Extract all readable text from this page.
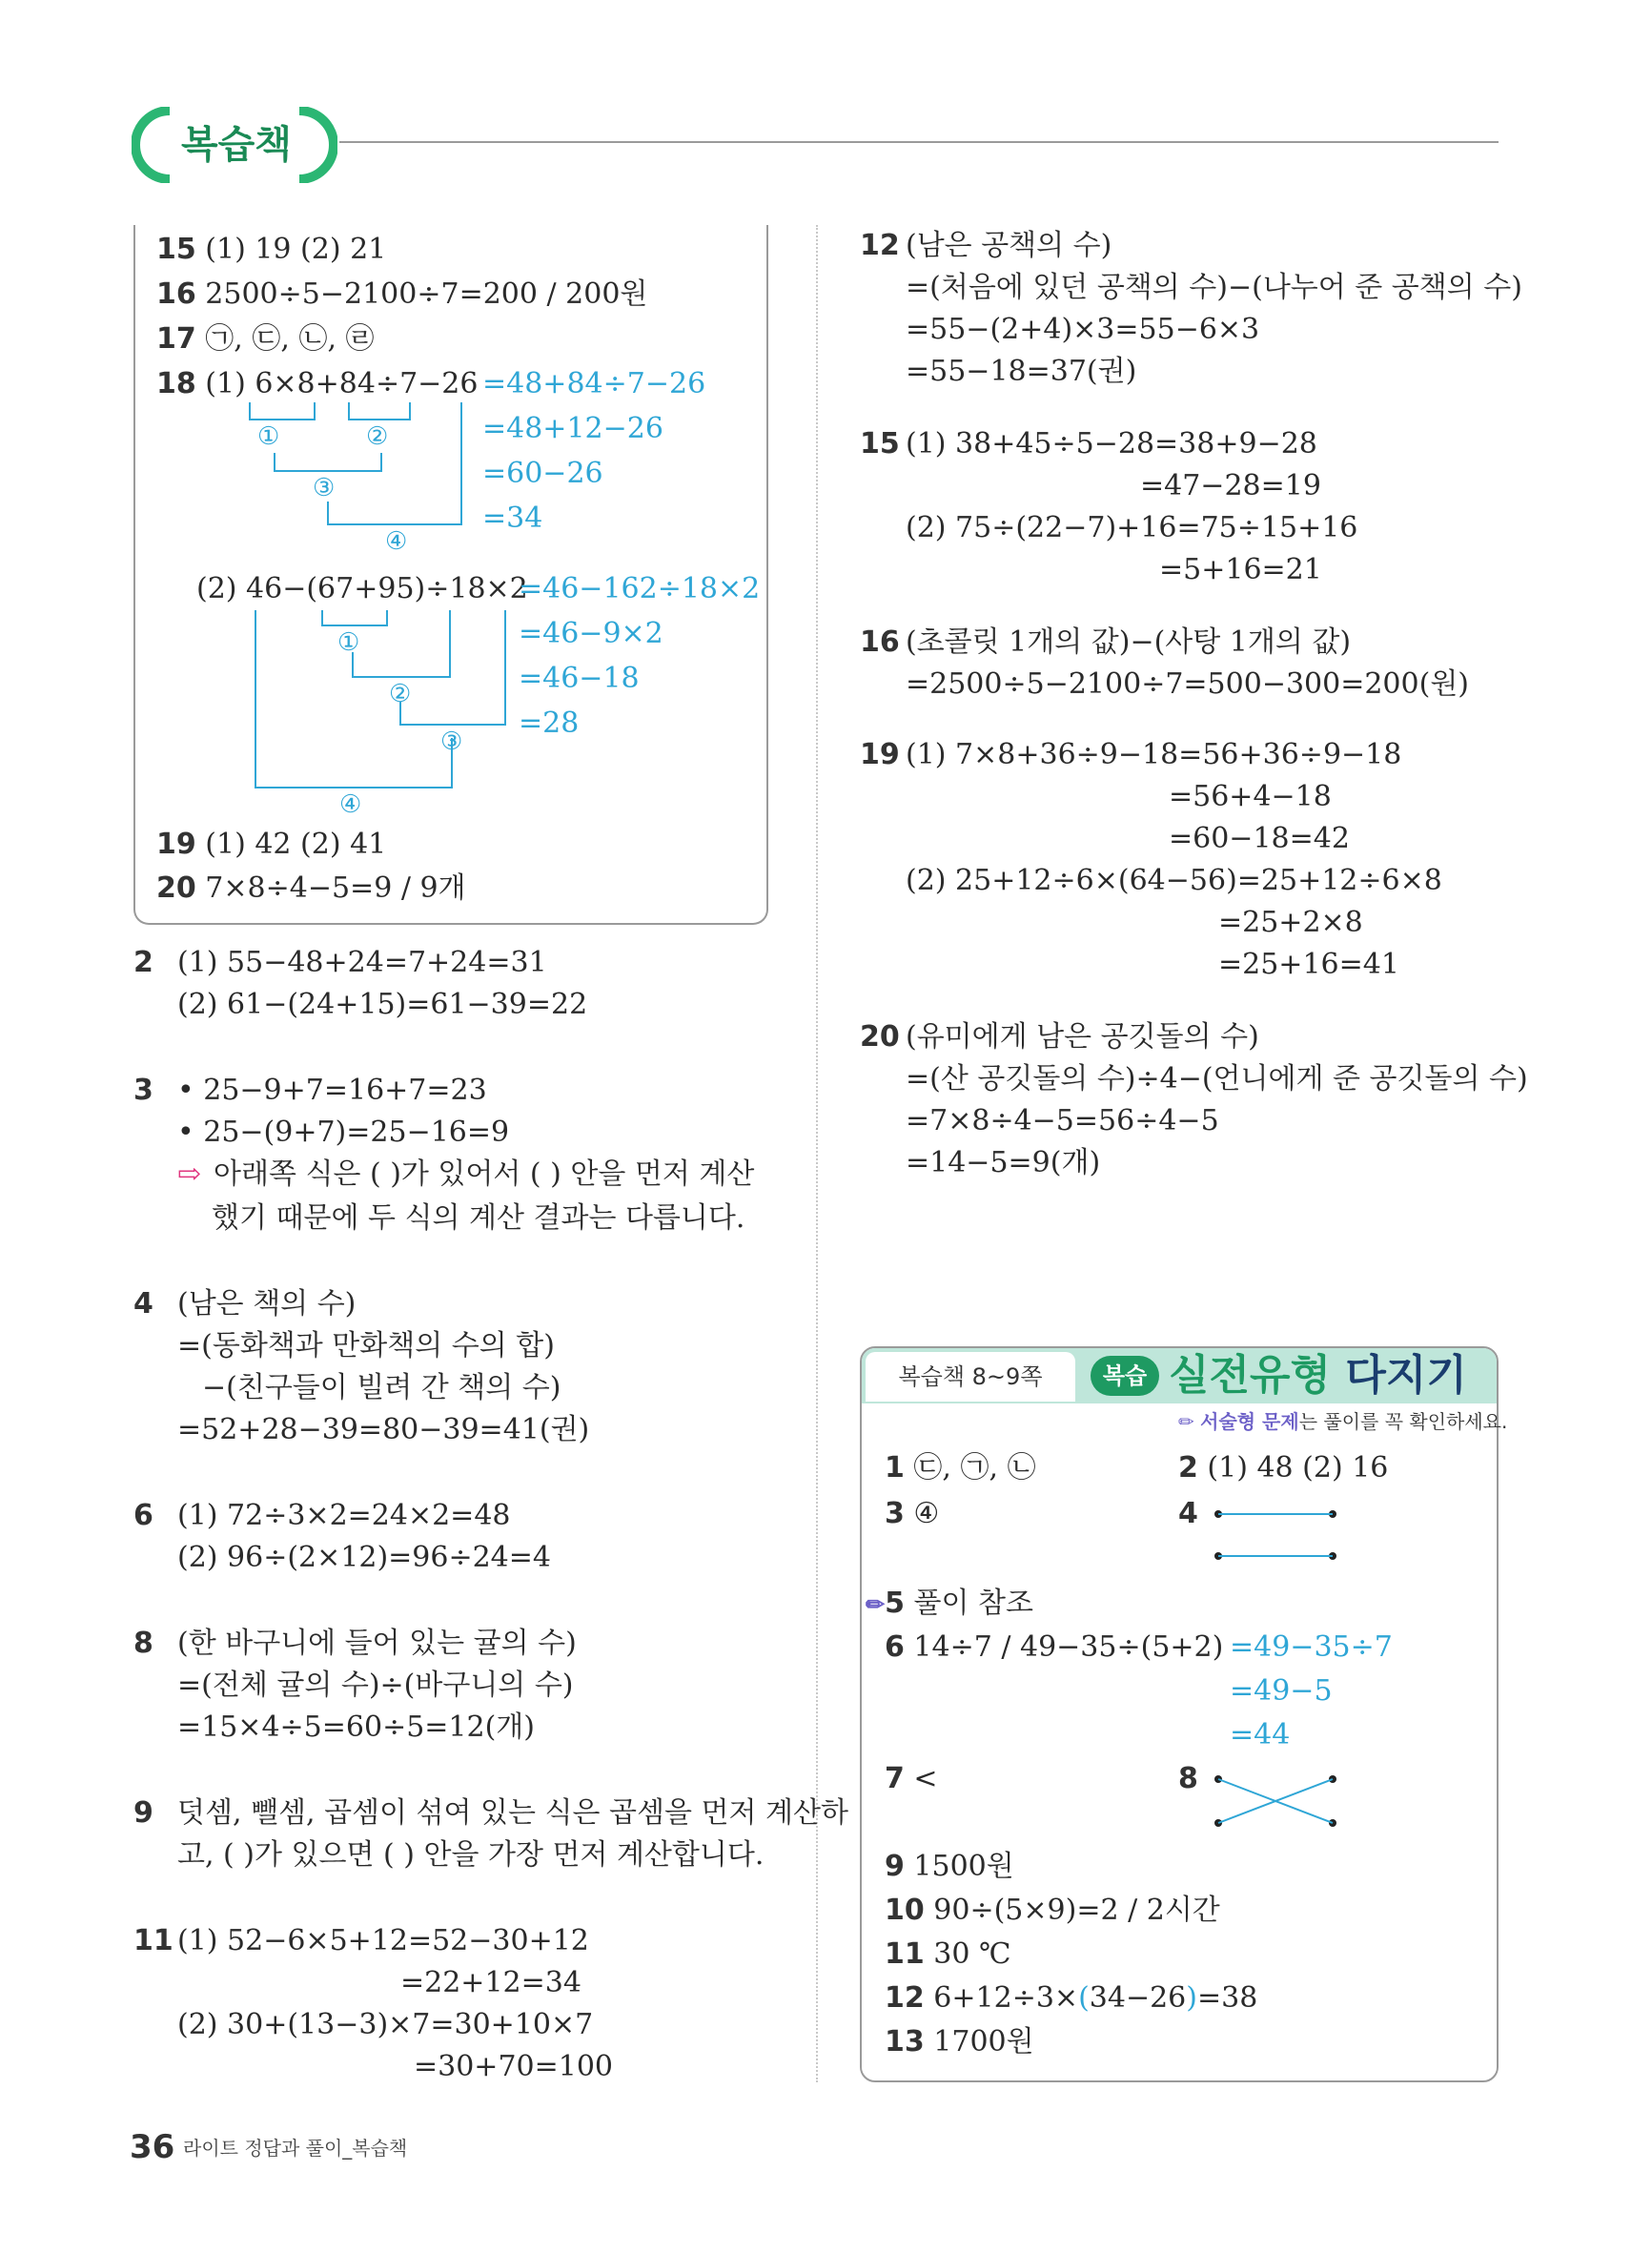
복습책
15 (1) 19 (2) 21
16 2500÷5−2100÷7=200 / 200원
17 ㉠, ㉢, ㉡, ㉣
18 (1) 6×8+84÷7−26 =48+84÷7−26
=48+12−26
=60−26
=34
①	②
③
④
(2) 46−(67+95)÷18×2
=46−162÷18×2
=46−9×2
=46−18
=28
①
②
③
④
19 (1) 42 (2) 41
20 7×8÷4−5=9 / 9개
2 (1) 55−48+24=7+24=31
(2) 61−(24+15)=61−39=22
3 • 25−9+7=16+7=23
• 25−(9+7)=25−16=9
⇨ 아래쪽 식은 ( )가 있어서 ( ) 안을 먼저 계산
했기 때문에 두 식의 계산 결과는 다릅니다.
4 (남은 책의 수)
=(동화책과 만화책의 수의 합)
−(친구들이 빌려 간 책의 수)
=52+28−39=80−39=41(권)
6 (1) 72÷3×2=24×2=48
(2) 96÷(2×12)=96÷24=4
8 (한 바구니에 들어 있는 귤의 수)
=(전체 귤의 수)÷(바구니의 수)
=15×4÷5=60÷5=12(개)
9 덧셈, 뺄셈, 곱셈이 섞여 있는 식은 곱셈을 먼저 계산하
고, ( )가 있으면 ( ) 안을 가장 먼저 계산합니다.
11 (1) 52−6×5+12=52−30+12
=22+12=34
(2) 30+(13−3)×7=30+10×7
=30+70=100
12 (남은 공책의 수)
=(처음에 있던 공책의 수)−(나누어 준 공책의 수)
=55−(2+4)×3=55−6×3
=55−18=37(권)
15 (1) 38+45÷5−28=38+9−28
=47−28=19
(2) 75÷(22−7)+16=75÷15+16
=5+16=21
16 (초콜릿 1개의 값)−(사탕 1개의 값)
=2500÷5−2100÷7=500−300=200(원)
19 (1) 7×8+36÷9−18=56+36÷9−18
=56+4−18
=60−18=42
(2) 25+12÷6×(64−56)=25+12÷6×8
=25+2×8
=25+16=41
20 (유미에게 남은 공깃돌의 수)
=(산 공깃돌의 수)÷4−(언니에게 준 공깃돌의 수)
=7×8÷4−5=56÷4−5
=14−5=9(개)
복습책 8~9쪽	복습 실전유형 다지기
✏ 서술형 문제는 풀이를 꼭 확인하세요.
1 ㉢, ㉠, ㉡	2 (1) 48 (2) 16
3 ④	4
✏5 풀이 참조
6 14÷7 / 49−35÷(5+2) =49−35÷7
=49−5
=44
7 <	8
9 1500원
10 90÷(5×9)=2 / 2시간
11 30 ℃
12 6+12÷3×(34−26)=38
13 1700원
36 라이트 정답과 풀이_복습책
